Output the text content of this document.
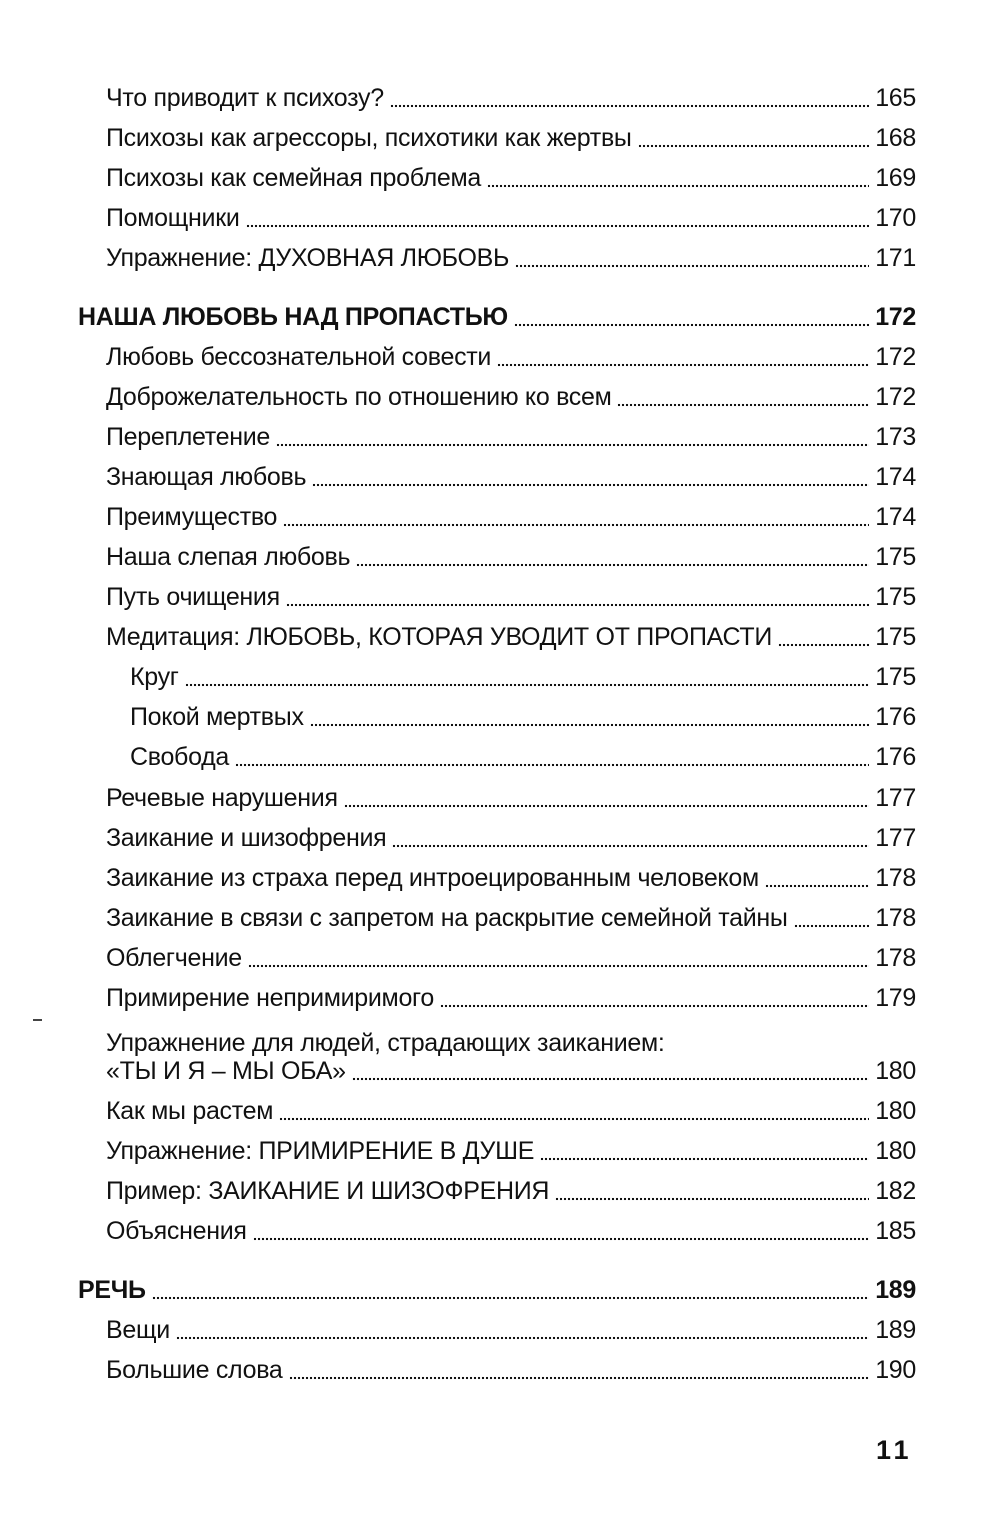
Что приводит к психозу?	165
Психозы как агрессоры, психотики как жертвы	168
Психозы как семейная проблема	169
Помощники	170
Упражнение: ДУХОВНАЯ ЛЮБОВЬ	171
НАША ЛЮБОВЬ НАД ПРОПАСТЬЮ	172
Любовь бессознательной совести	172
Доброжелательность по отношению ко всем	172
Переплетение	173
Знающая любовь	174
Преимущество	174
Наша слепая любовь	175
Путь очищения	175
Медитация: ЛЮБОВЬ, КОТОРАЯ УВОДИТ ОТ ПРОПАСТИ	175
Круг	175
Покой мертвых	176
Свобода	176
Речевые нарушения	177
Заикание и шизофрения	177
Заикание из страха перед интроецированным человеком	178
Заикание в связи с запретом на раскрытие семейной тайны	178
Облегчение	178
Примирение непримиримого	179
Упражнение для людей, страдающих заиканием:
«ТЫ И Я – МЫ ОБА»	180
Как мы растем	180
Упражнение: ПРИМИРЕНИЕ В ДУШЕ	180
Пример: ЗАИКАНИЕ И ШИЗОФРЕНИЯ	182
Объяснения	185
РЕЧЬ	189
Вещи	189
Большие слова	190
11
